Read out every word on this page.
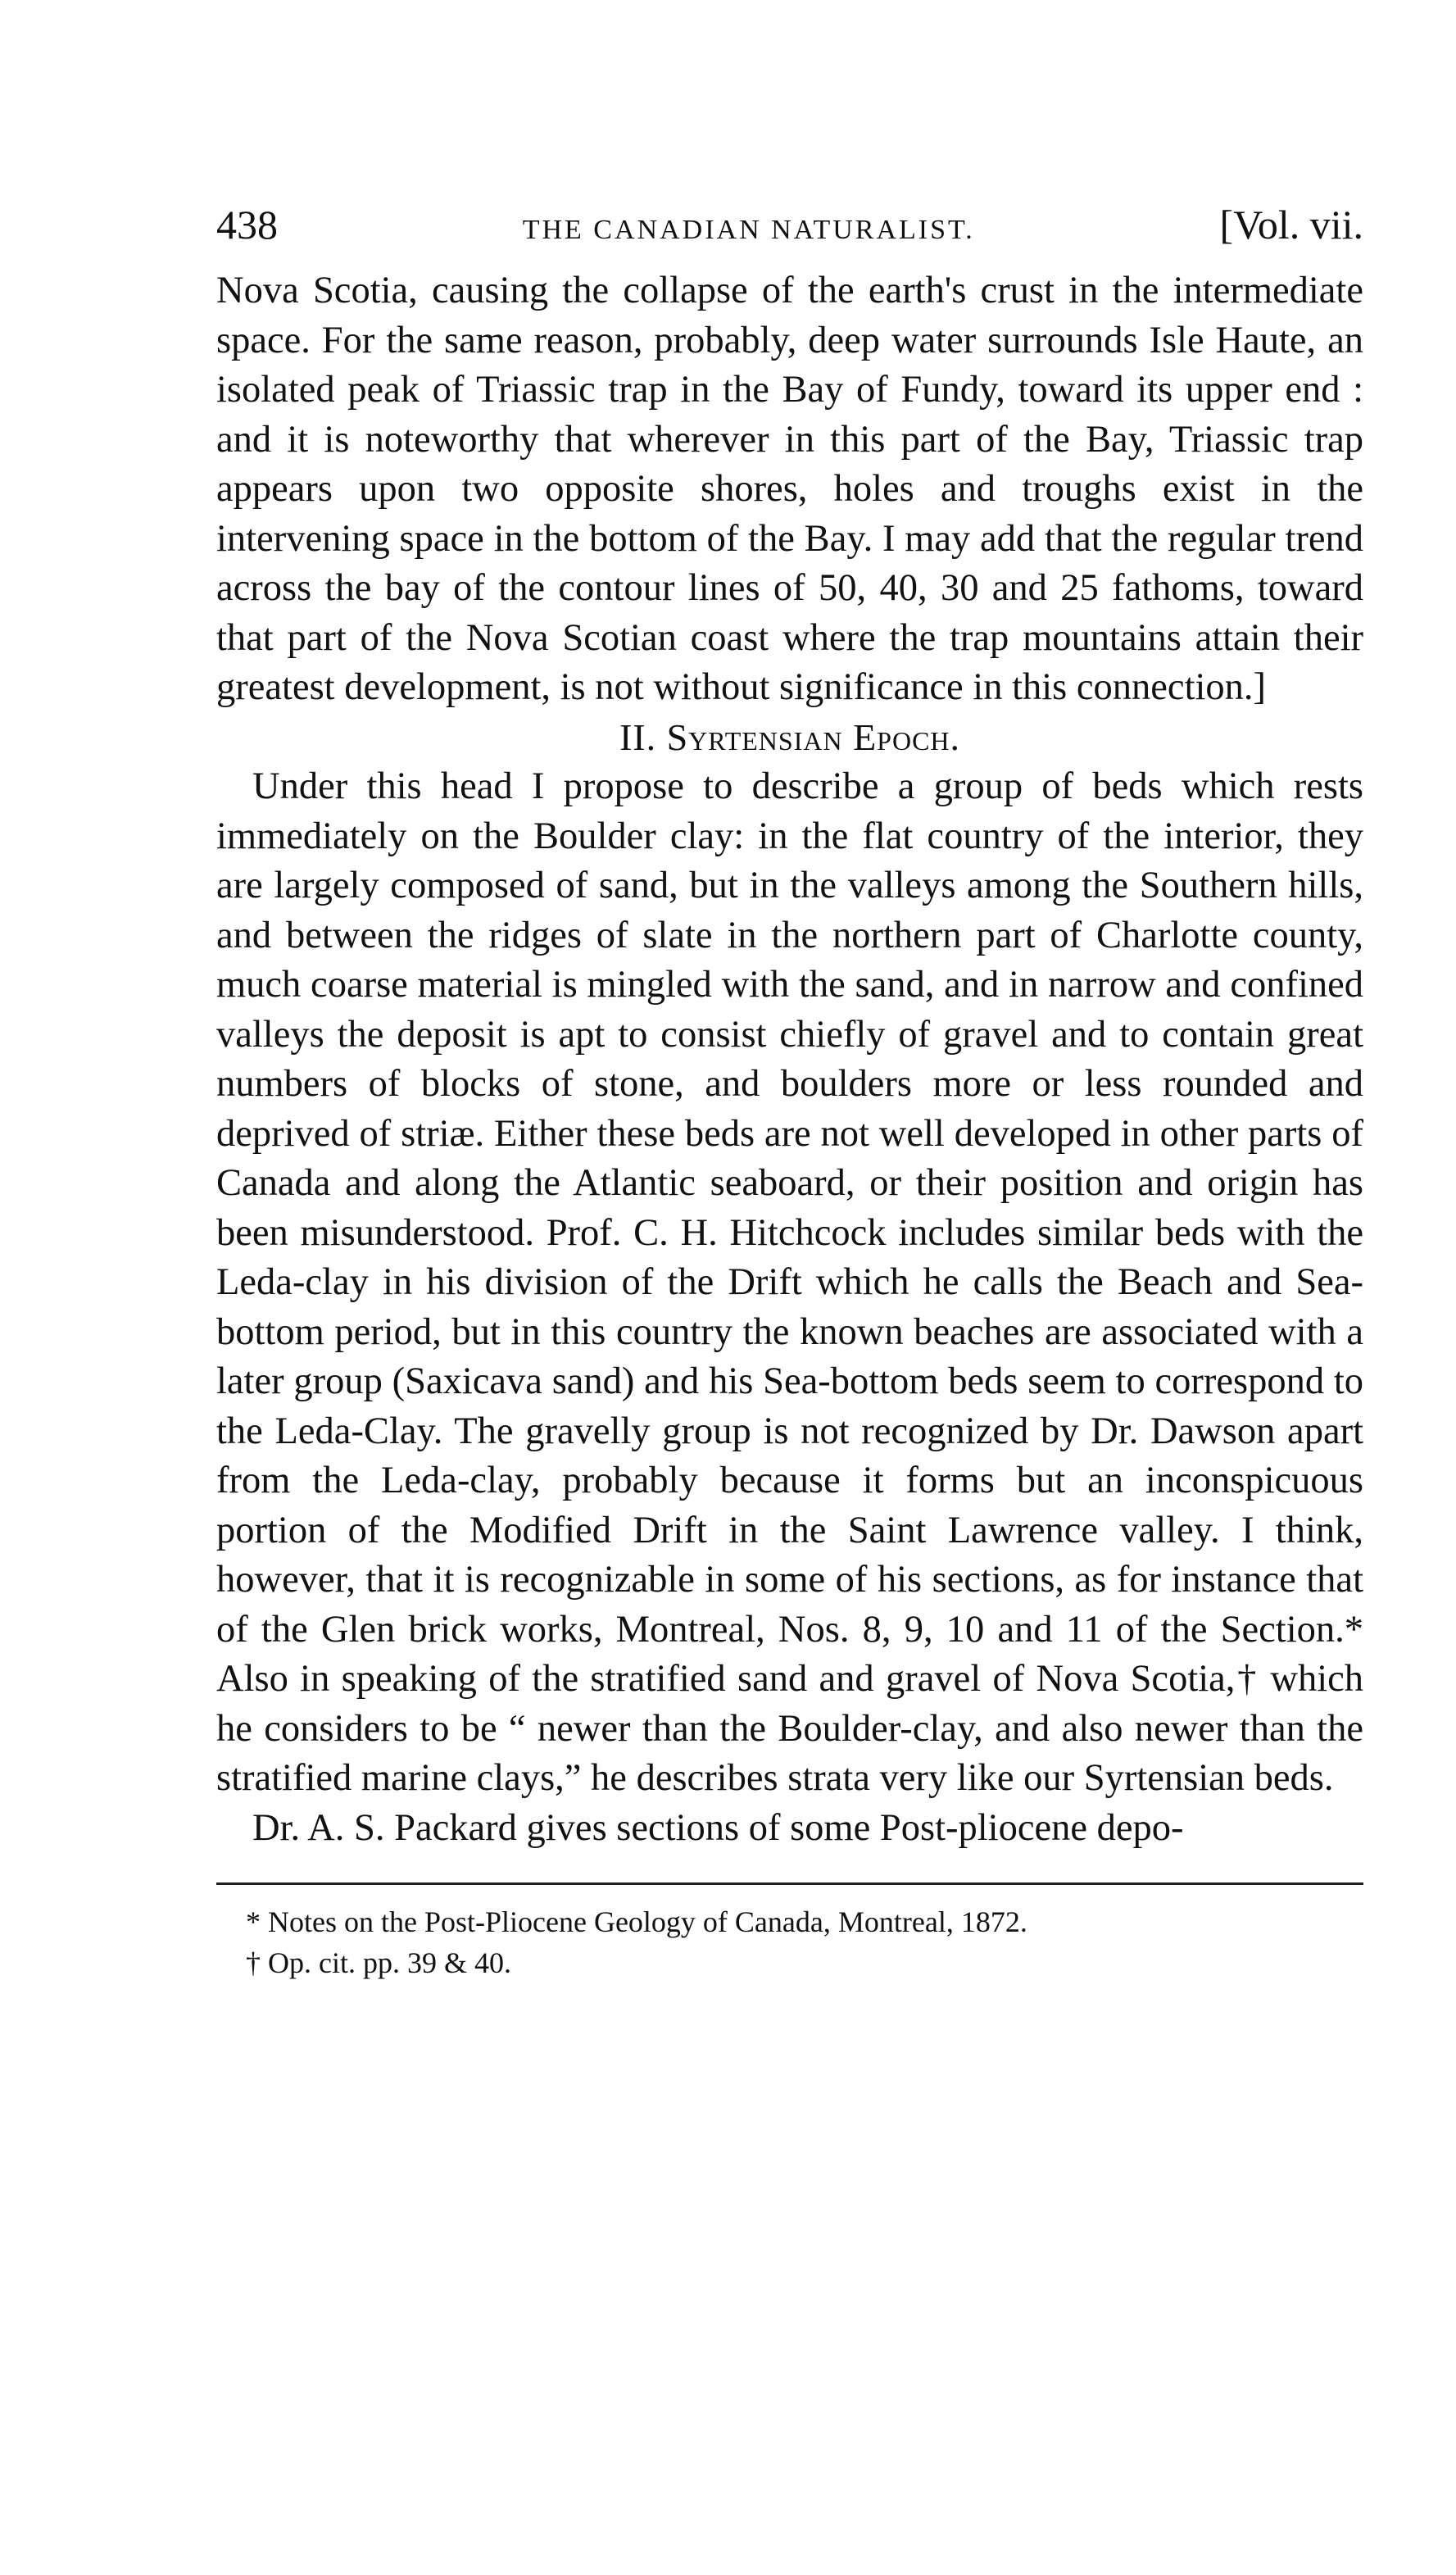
438	THE CANADIAN NATURALIST.	[Vol. vii.

Nova Scotia, causing the collapse of the earth's crust in the intermediate space. For the same reason, probably, deep water surrounds Isle Haute, an isolated peak of Triassic trap in the Bay of Fundy, toward its upper end : and it is noteworthy that wherever in this part of the Bay, Triassic trap appears upon two opposite shores, holes and troughs exist in the intervening space in the bottom of the Bay. I may add that the regular trend across the bay of the contour lines of 50, 40, 30 and 25 fathoms, toward that part of the Nova Scotian coast where the trap mountains attain their greatest development, is not without significance in this connection.]

II. Syrtensian Epoch.

Under this head I propose to describe a group of beds which rests immediately on the Boulder clay: in the flat country of the interior, they are largely composed of sand, but in the valleys among the Southern hills, and between the ridges of slate in the northern part of Charlotte county, much coarse material is mingled with the sand, and in narrow and confined valleys the deposit is apt to consist chiefly of gravel and to contain great numbers of blocks of stone, and boulders more or less rounded and deprived of striæ. Either these beds are not well developed in other parts of Canada and along the Atlantic seaboard, or their position and origin has been misunderstood. Prof. C. H. Hitchcock includes similar beds with the Leda-clay in his division of the Drift which he calls the Beach and Sea-bottom period, but in this country the known beaches are associated with a later group (Saxicava sand) and his Sea-bottom beds seem to correspond to the Leda-Clay. The gravelly group is not recognized by Dr. Dawson apart from the Leda-clay, probably because it forms but an inconspicuous portion of the Modified Drift in the Saint Lawrence valley. I think, however, that it is recognizable in some of his sections, as for instance that of the Glen brick works, Montreal, Nos. 8, 9, 10 and 11 of the Section.* Also in speaking of the stratified sand and gravel of Nova Scotia,† which he considers to be “ newer than the Boulder-clay, and also newer than the stratified marine clays,” he describes strata very like our Syrtensian beds.

Dr. A. S. Packard gives sections of some Post-pliocene depo-

* Notes on the Post-Pliocene Geology of Canada, Montreal, 1872.

† Op. cit. pp. 39 & 40.
